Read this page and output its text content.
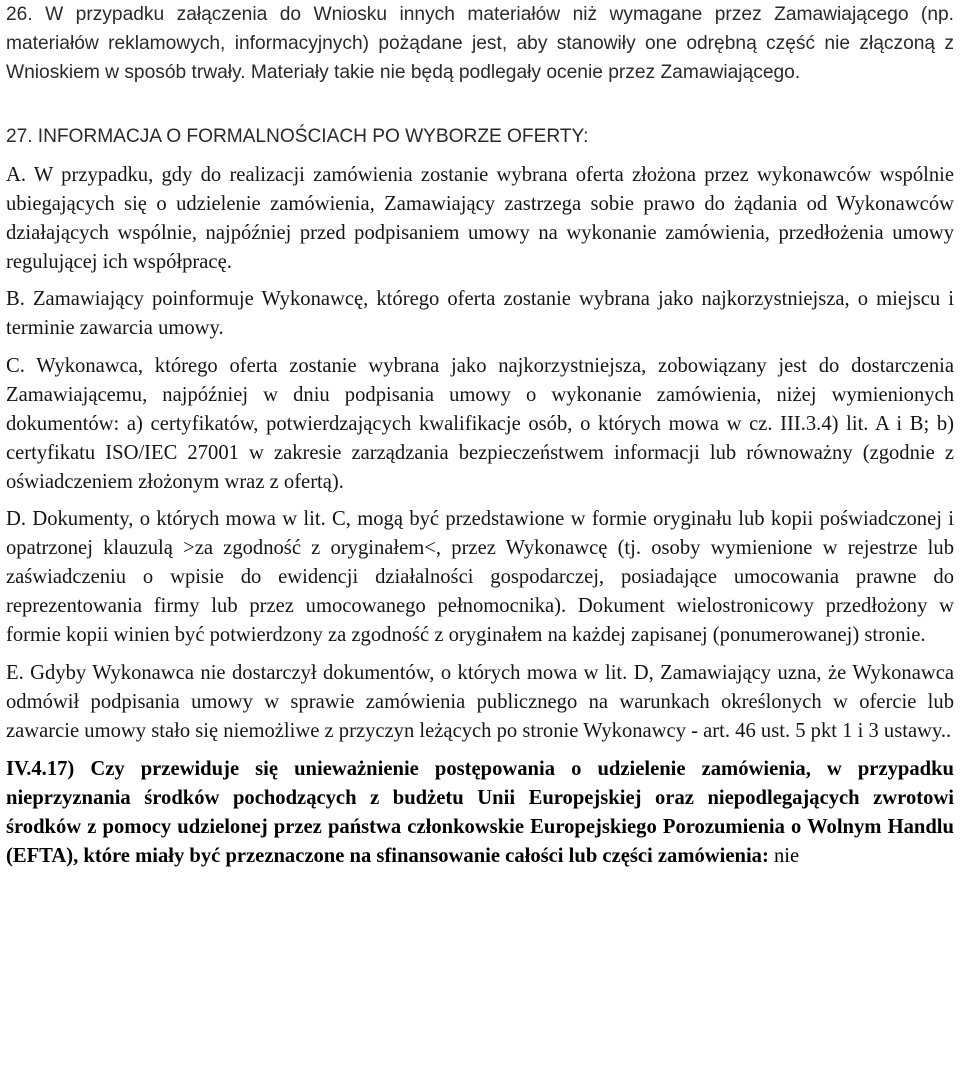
26. W przypadku załączenia do Wniosku innych materiałów niż wymagane przez Zamawiającego (np. materiałów reklamowych, informacyjnych) pożądane jest, aby stanowiły one odrębną część nie złączoną z Wnioskiem w sposób trwały. Materiały takie nie będą podlegały ocenie przez Zamawiającego.

27. INFORMACJA O FORMALNOŚCIACH PO WYBORZE OFERTY:

A. W przypadku, gdy do realizacji zamówienia zostanie wybrana oferta złożona przez wykonawców wspólnie ubiegających się o udzielenie zamówienia, Zamawiający zastrzega sobie prawo do żądania od Wykonawców działających wspólnie, najpóźniej przed podpisaniem umowy na wykonanie zamówienia, przedłożenia umowy regulującej ich współpracę.

B. Zamawiający poinformuje Wykonawcę, którego oferta zostanie wybrana jako najkorzystniejsza, o miejscu i terminie zawarcia umowy.

C. Wykonawca, którego oferta zostanie wybrana jako najkorzystniejsza, zobowiązany jest do dostarczenia Zamawiającemu, najpóźniej w dniu podpisania umowy o wykonanie zamówienia, niżej wymienionych dokumentów: a) certyfikatów, potwierdzających kwalifikacje osób, o których mowa w cz. III.3.4) lit. A i B; b) certyfikatu ISO/IEC 27001 w zakresie zarządzania bezpieczeństwem informacji lub równoważny (zgodnie z oświadczeniem złożonym wraz z ofertą).

D. Dokumenty, o których mowa w lit. C, mogą być przedstawione w formie oryginału lub kopii poświadczonej i opatrzonej klauzulą >za zgodność z oryginałem<, przez Wykonawcę (tj. osoby wymienione w rejestrze lub zaświadczeniu o wpisie do ewidencji działalności gospodarczej, posiadające umocowania prawne do reprezentowania firmy lub przez umocowanego pełnomocnika). Dokument wielostronicowy przedłożony w formie kopii winien być potwierdzony za zgodność z oryginałem na każdej zapisanej (ponumerowanej) stronie.

E. Gdyby Wykonawca nie dostarczył dokumentów, o których mowa w lit. D, Zamawiający uzna, że Wykonawca odmówił podpisania umowy w sprawie zamówienia publicznego na warunkach określonych w ofercie lub zawarcie umowy stało się niemożliwe z przyczyn leżących po stronie Wykonawcy - art. 46 ust. 5 pkt 1 i 3 ustawy..

IV.4.17) Czy przewiduje się unieważnienie postępowania o udzielenie zamówienia, w przypadku nieprzyznania środków pochodzących z budżetu Unii Europejskiej oraz niepodlegających zwrotowi środków z pomocy udzielonej przez państwa członkowskie Europejskiego Porozumienia o Wolnym Handlu (EFTA), które miały być przeznaczone na sfinansowanie całości lub części zamówienia: nie
